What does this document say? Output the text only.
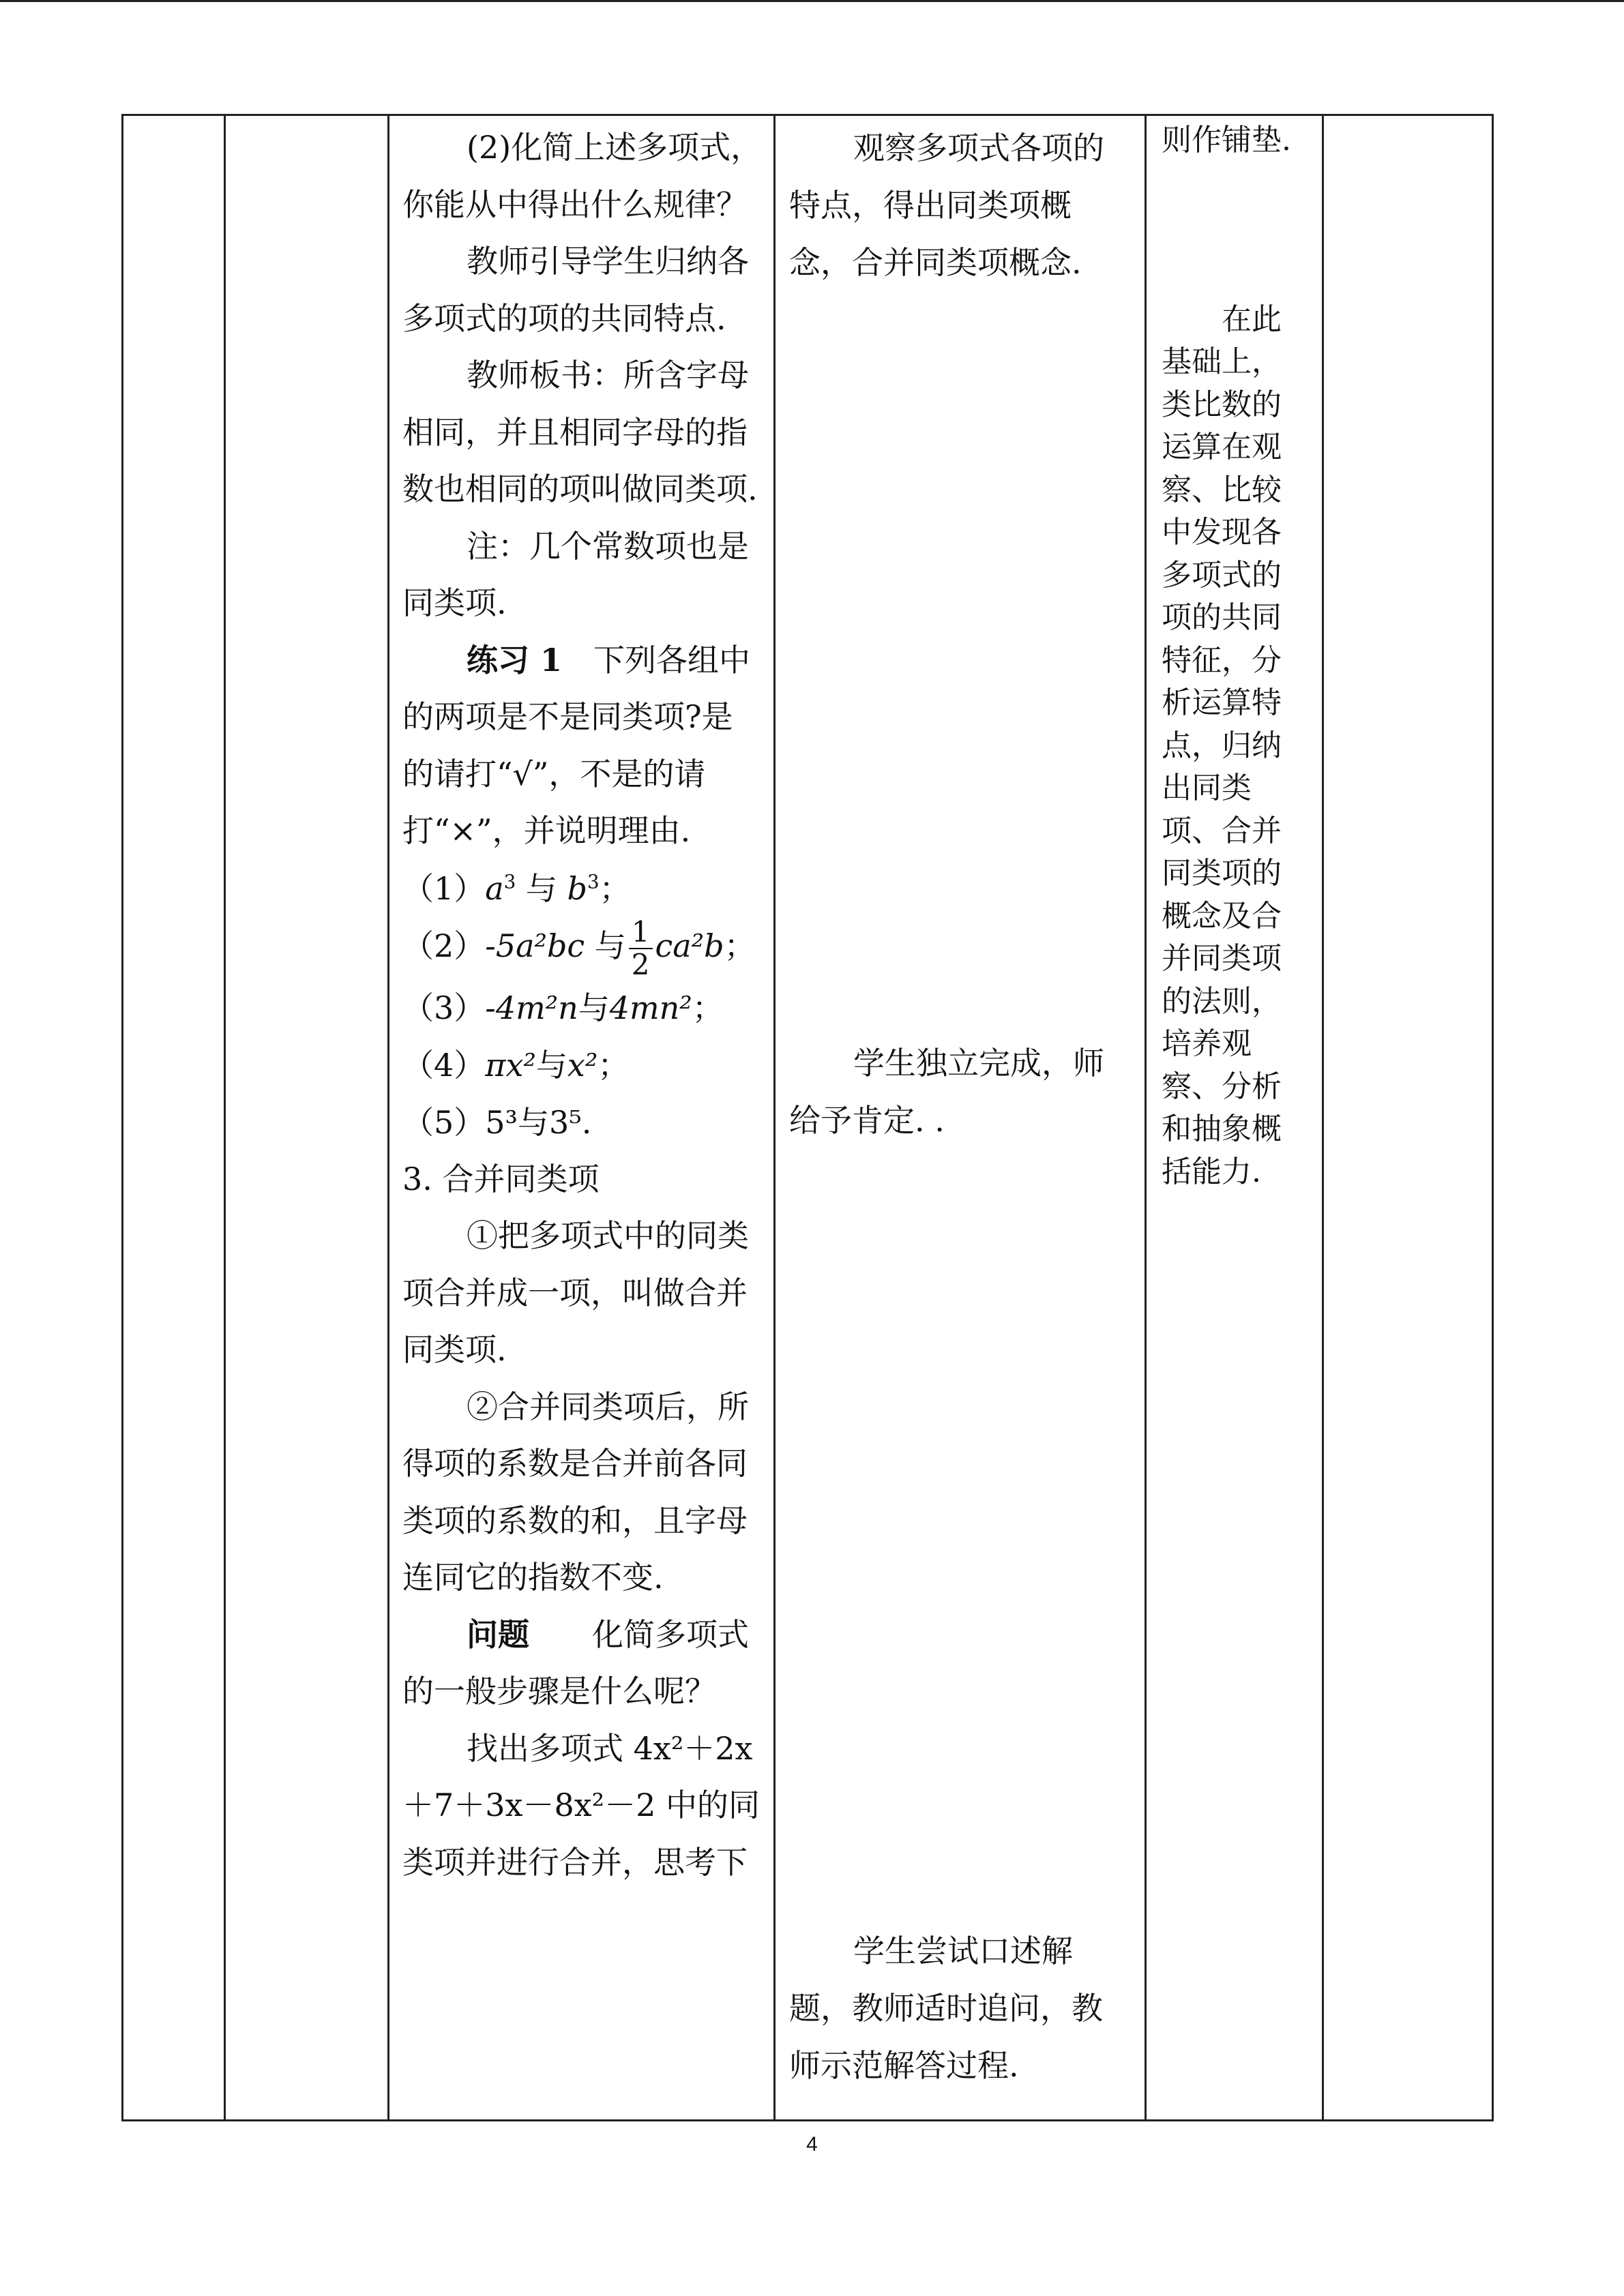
(2)化简上述多项式，你能从中得出什么规律？

教师引导学生归纳各多项式的项的共同特点.

教师板书：所含字母相同，并且相同字母的指数也相同的项叫做同类项.

注：几个常数项也是同类项.

练习 1　 下列各组中的两项是不是同类项?是的请打“√”，不是的请打“×”，并说明理由.

$(1)a^3$ 与 $b^3$；

（2）-5a²bc 与 $\frac{1}{2} ca^2b$；

（3）-4m²n与4mn²；

（4）πx²与x²；

（5）5³与3⁵.

3. 合并同类项

①把多项式中的同类项合并成一项，叫做合并同类项.

②合并同类项后，所得项的系数是合并前各同类项的系数的和，且字母连同它的指数不变.

问题　　 化简多项式的一般步骤是什么呢？

找出多项式 4x²＋2x＋7＋3x－8x²－2 中的同类项并进行合并，思考下

观察多项式各项的特点，得出同类项概念，合并同类项概念.

学生独立完成，师给予肯定. .

学生尝试口述解题，教师适时追问，教师示范解答过程.

则作铺垫.

在此基础上，类比数的运算在观察、比较中发现各多项式的项的共同特征，分析运算特点，归纳出同类项、合并同类项的概念及合并同类项的法则，培养观察、分析和抽象概括能力.

4
